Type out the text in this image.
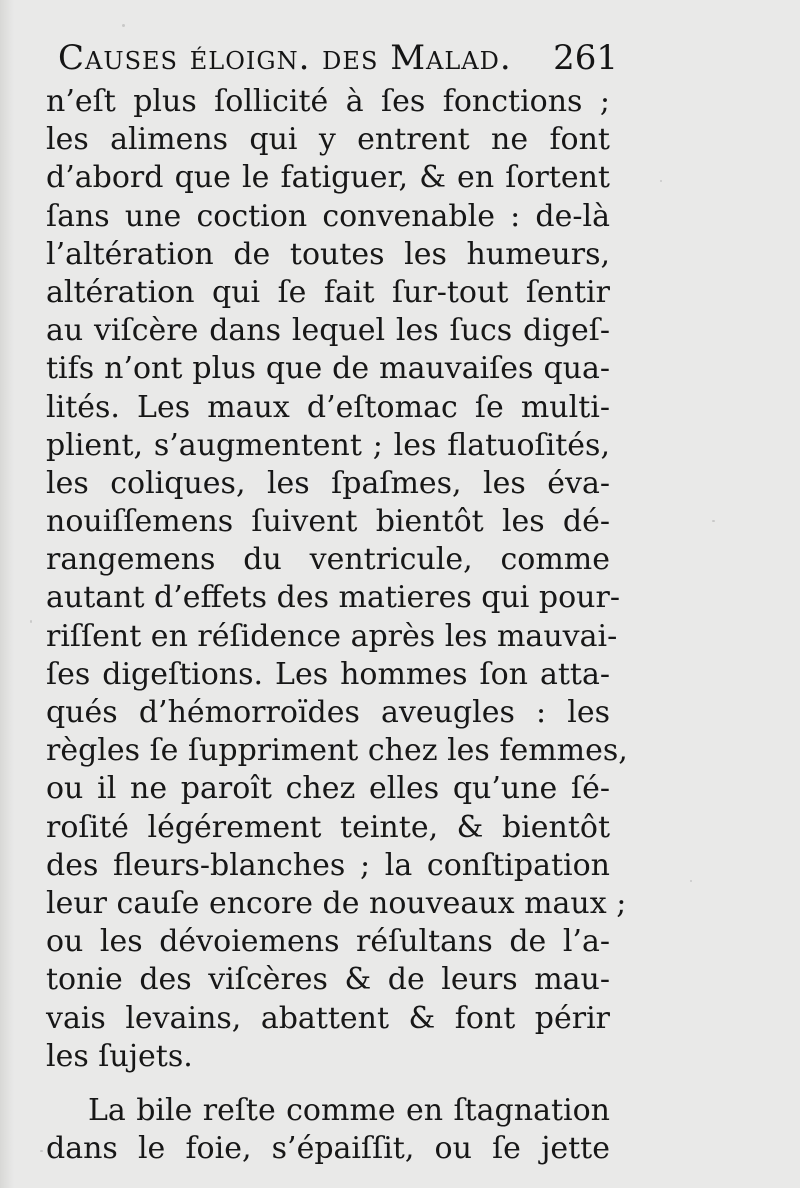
Causes éloign. des Malad. 261
n’eſt plus ſollicité à ſes fonctions ;
les alimens qui y entrent ne font
d’abord que le fatiguer, & en ſortent
ſans une coction convenable : de-là
l’altération de toutes les humeurs,
altération qui ſe fait ſur-tout ſentir
au viſcère dans lequel les ſucs digeſ-
tifs n’ont plus que de mauvaiſes qua-
lités. Les maux d’eſtomac ſe multi-
plient, s’augmentent ; les flatuoſités,
les coliques, les ſpaſmes, les éva-
nouiſſemens ſuivent bientôt les dé-
rangemens du ventricule, comme
autant d’effets des matieres qui pour-
riſſent en réſidence après les mauvai-
ſes digeſtions. Les hommes ſon atta-
qués d’hémorroïdes aveugles : les
règles ſe ſuppriment chez les femmes,
ou il ne paroît chez elles qu’une ſé-
roſité légérement teinte, & bientôt
des fleurs-blanches ; la conſtipation
leur cauſe encore de nouveaux maux ;
ou les dévoiemens réſultans de l’a-
tonie des viſcères & de leurs mau-
vais levains, abattent & font périr
les ſujets.
La bile reſte comme en ſtagnation
dans le foie, s’épaiſſit, ou ſe jette
